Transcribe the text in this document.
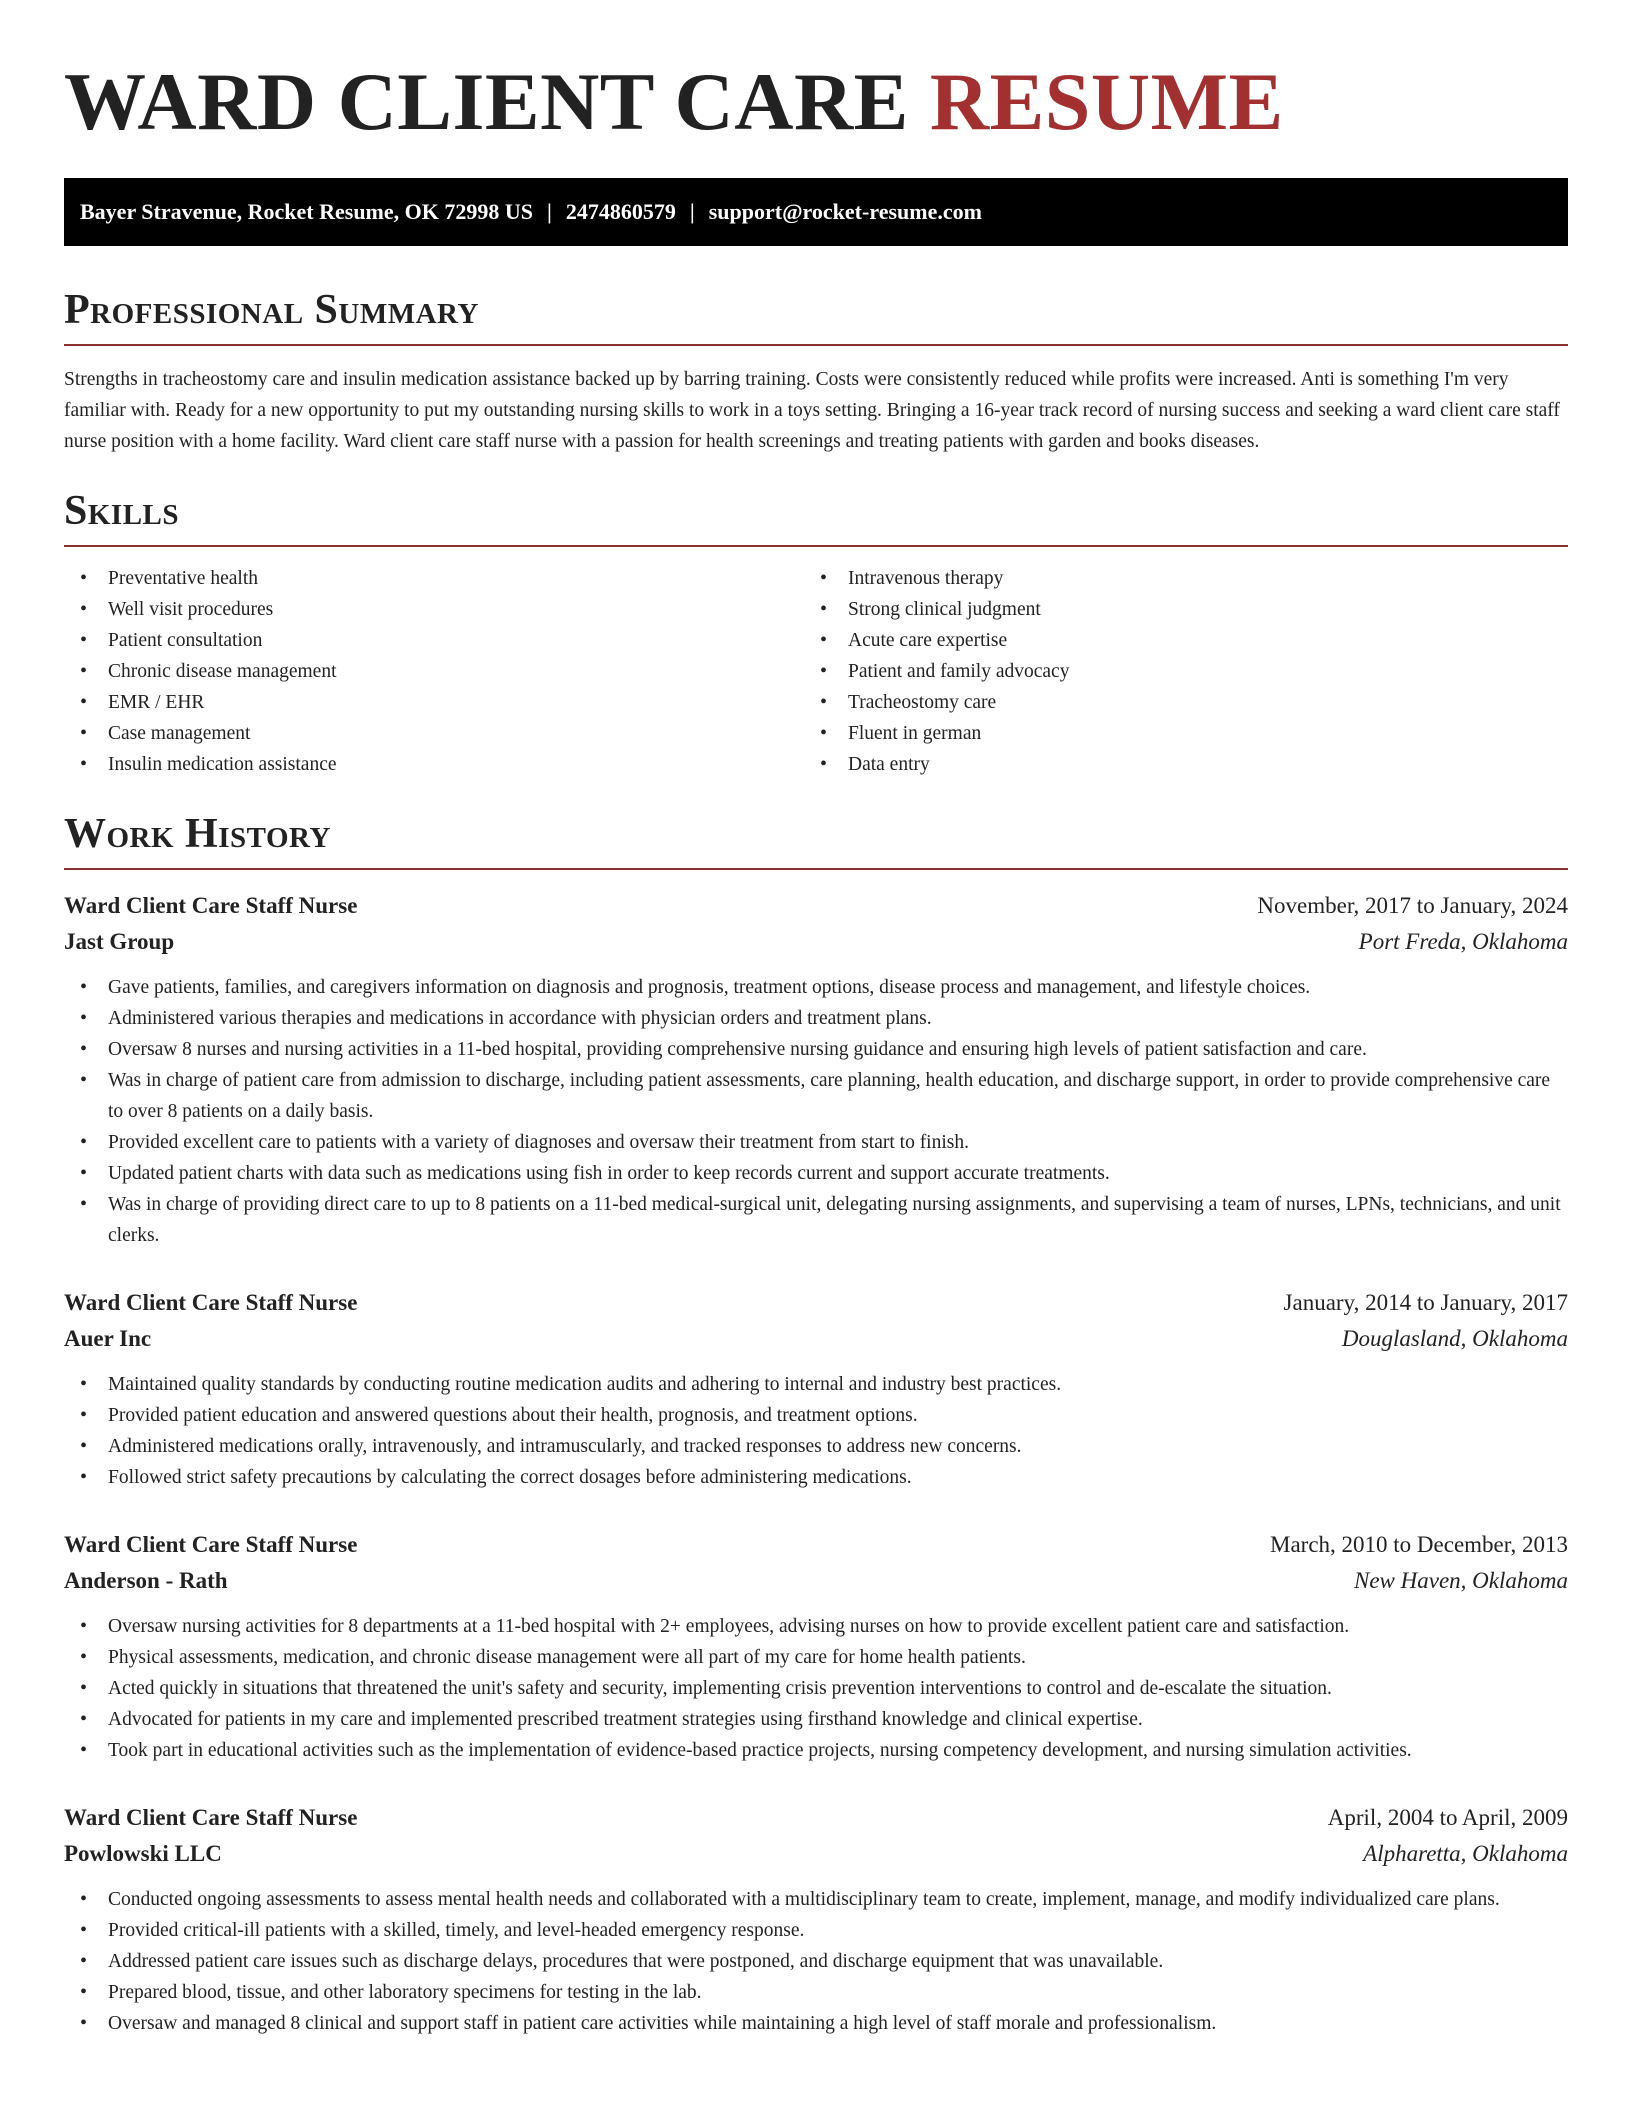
WARD CLIENT CARE RESUME
Bayer Stravenue, Rocket Resume, OK 72998 US | 2474860579 | support@rocket-resume.com
Professional Summary

Strengths in tracheostomy care and insulin medication assistance backed up by barring training. Costs were consistently reduced while profits were increased. Anti is something I'm very familiar with. Ready for a new opportunity to put my outstanding nursing skills to work in a toys setting. Bringing a 16-year track record of nursing success and seeking a ward client care staff nurse position with a home facility. Ward client care staff nurse with a passion for health screenings and treating patients with garden and books diseases.

Skills
• Preventative health
• Well visit procedures
• Patient consultation
• Chronic disease management
• EMR / EHR
• Case management
• Insulin medication assistance
• Intravenous therapy
• Strong clinical judgment
• Acute care expertise
• Patient and family advocacy
• Tracheostomy care
• Fluent in german
• Data entry
Work History
Ward Client Care Staff Nurse	November, 2017 to January, 2024
Jast Group	Port Freda, Oklahoma
• Gave patients, families, and caregivers information on diagnosis and prognosis, treatment options, disease process and management, and lifestyle choices.
• Administered various therapies and medications in accordance with physician orders and treatment plans.
• Oversaw 8 nurses and nursing activities in a 11-bed hospital, providing comprehensive nursing guidance and ensuring high levels of patient satisfaction and care.
• Was in charge of patient care from admission to discharge, including patient assessments, care planning, health education, and discharge support, in order to provide comprehensive care to over 8 patients on a daily basis.
• Provided excellent care to patients with a variety of diagnoses and oversaw their treatment from start to finish.
• Updated patient charts with data such as medications using fish in order to keep records current and support accurate treatments.
• Was in charge of providing direct care to up to 8 patients on a 11-bed medical-surgical unit, delegating nursing assignments, and supervising a team of nurses, LPNs, technicians, and unit clerks.
Ward Client Care Staff Nurse	January, 2014 to January, 2017
Auer Inc	Douglasland, Oklahoma
• Maintained quality standards by conducting routine medication audits and adhering to internal and industry best practices.
• Provided patient education and answered questions about their health, prognosis, and treatment options.
• Administered medications orally, intravenously, and intramuscularly, and tracked responses to address new concerns.
• Followed strict safety precautions by calculating the correct dosages before administering medications.
Ward Client Care Staff Nurse	March, 2010 to December, 2013
Anderson - Rath	New Haven, Oklahoma
• Oversaw nursing activities for 8 departments at a 11-bed hospital with 2+ employees, advising nurses on how to provide excellent patient care and satisfaction.
• Physical assessments, medication, and chronic disease management were all part of my care for home health patients.
• Acted quickly in situations that threatened the unit's safety and security, implementing crisis prevention interventions to control and de-escalate the situation.
• Advocated for patients in my care and implemented prescribed treatment strategies using firsthand knowledge and clinical expertise.
• Took part in educational activities such as the implementation of evidence-based practice projects, nursing competency development, and nursing simulation activities.
Ward Client Care Staff Nurse	April, 2004 to April, 2009
Powlowski LLC	Alpharetta, Oklahoma
• Conducted ongoing assessments to assess mental health needs and collaborated with a multidisciplinary team to create, implement, manage, and modify individualized care plans.
• Provided critical-ill patients with a skilled, timely, and level-headed emergency response.
• Addressed patient care issues such as discharge delays, procedures that were postponed, and discharge equipment that was unavailable.
• Prepared blood, tissue, and other laboratory specimens for testing in the lab.
• Oversaw and managed 8 clinical and support staff in patient care activities while maintaining a high level of staff morale and professionalism.
